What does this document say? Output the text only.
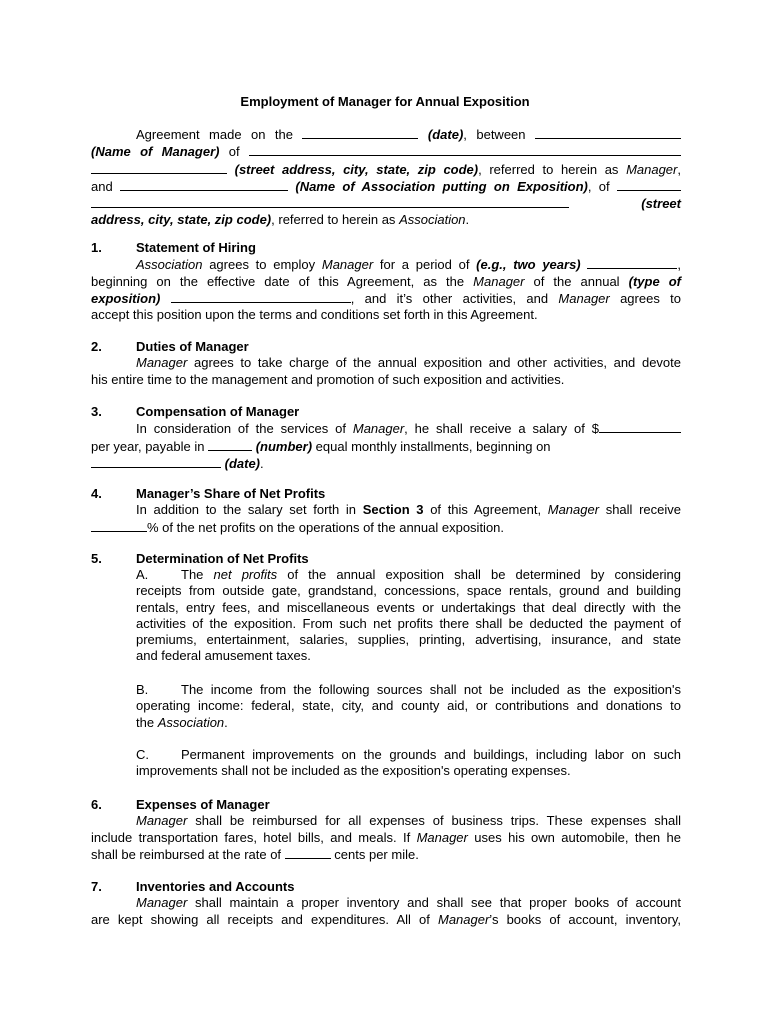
Employment of Manager for Annual Exposition
Agreement made on the	(date), between
(Name of Manager) of
(street address, city, state, zip code), referred to herein as Manager,
and	(Name of Association putting on Exposition), of
(street
address, city, state, zip code), referred to herein as Association.
1.	Statement of Hiring
Association agrees to employ Manager for a period of (e.g., two years)	,
beginning on the effective date of this Agreement, as the Manager of the annual (type of
exposition)	, and it’s other activities, and Manager agrees to
accept this position upon the terms and conditions set forth in this Agreement.
2.	Duties of Manager
Manager agrees to take charge of the annual exposition and other activities, and devote
his entire time to the management and promotion of such exposition and activities.
3.	Compensation of Manager
In consideration of the services of Manager, he shall receive a salary of $
per year, payable in	(number) equal monthly installments, beginning on
(date).
4.	Manager’s Share of Net Profits
In addition to the salary set forth in Section 3 of this Agreement, Manager shall receive
% of the net profits on the operations of the annual exposition.
5.	Determination of Net Profits
A.	The net profits of the annual exposition shall be determined by considering
receipts from outside gate, grandstand, concessions, space rentals, ground and building
rentals, entry fees, and miscellaneous events or undertakings that deal directly with the
activities of the exposition. From such net profits there shall be deducted the payment of
premiums, entertainment, salaries, supplies, printing, advertising, insurance, and state
and federal amusement taxes.
B.	The income from the following sources shall not be included as the exposition's
operating income: federal, state, city, and county aid, or contributions and donations to
the Association.
C. Permanent improvements on the grounds and buildings, including labor on such
improvements shall not be included as the exposition's operating expenses.
6.	Expenses of Manager
Manager shall be reimbursed for all expenses of business trips. These expenses shall
include transportation fares, hotel bills, and meals. If Manager uses his own automobile, then he
shall be reimbursed at the rate of	cents per mile.
7.	Inventories and Accounts
Manager shall maintain a proper inventory and shall see that proper books of account
are kept showing all receipts and expenditures. All of Manager’s books of account, inventory,
